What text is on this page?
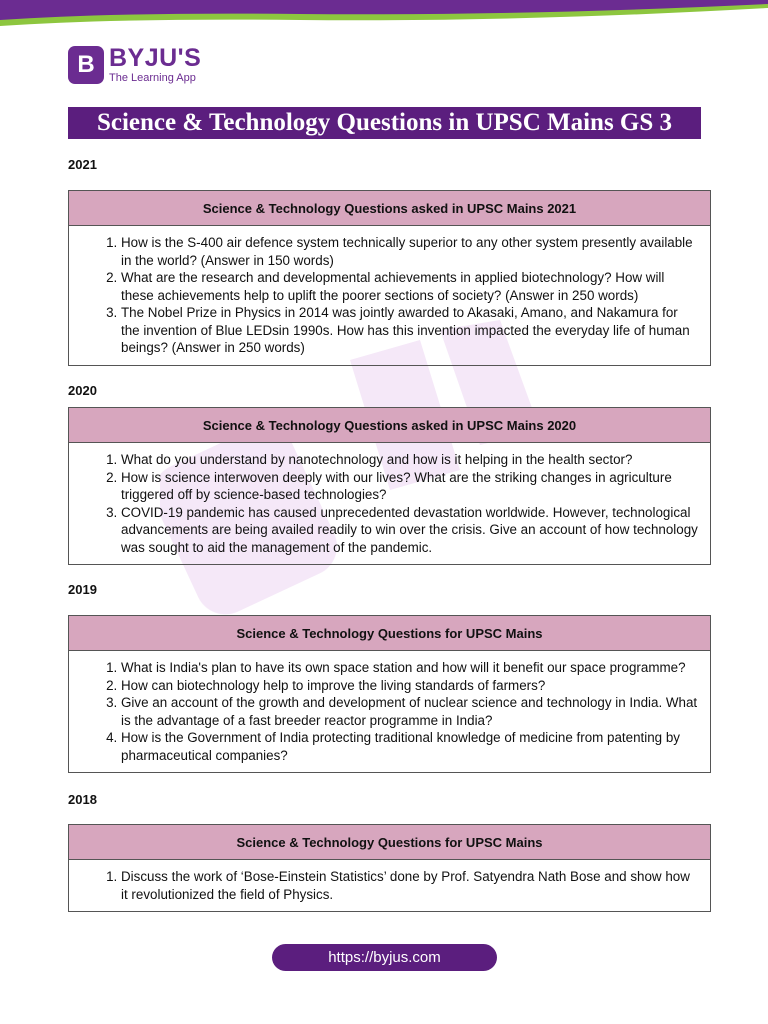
B BYJU'S
The Learning App
Science & Technology Questions in UPSC Mains GS 3
2021
Science & Technology Questions asked in UPSC Mains 2021
1. How is the S-400 air defence system technically superior to any other system presently available in the world? (Answer in 150 words)
2. What are the research and developmental achievements in applied biotechnology? How will these achievements help to uplift the poorer sections of society? (Answer in 250 words)
3. The Nobel Prize in Physics in 2014 was jointly awarded to Akasaki, Amano, and Nakamura for the invention of Blue LEDsin 1990s. How has this invention impacted the everyday life of human beings? (Answer in 250 words)
2020
Science & Technology Questions asked in UPSC Mains 2020
1. What do you understand by nanotechnology and how is it helping in the health sector?
2. How is science interwoven deeply with our lives? What are the striking changes in agriculture triggered off by science-based technologies?
3. COVID-19 pandemic has caused unprecedented devastation worldwide. However, technological advancements are being availed readily to win over the crisis. Give an account of how technology was sought to aid the management of the pandemic.
2019
Science & Technology Questions for UPSC Mains
1. What is India's plan to have its own space station and how will it benefit our space programme?
2. How can biotechnology help to improve the living standards of farmers?
3. Give an account of the growth and development of nuclear science and technology in India. What is the advantage of a fast breeder reactor programme in India?
4. How is the Government of India protecting traditional knowledge of medicine from patenting by pharmaceutical companies?
2018
Science & Technology Questions for UPSC Mains
1. Discuss the work of ‘Bose-Einstein Statistics’ done by Prof. Satyendra Nath Bose and show how it revolutionized the field of Physics.
https://byjus.com
